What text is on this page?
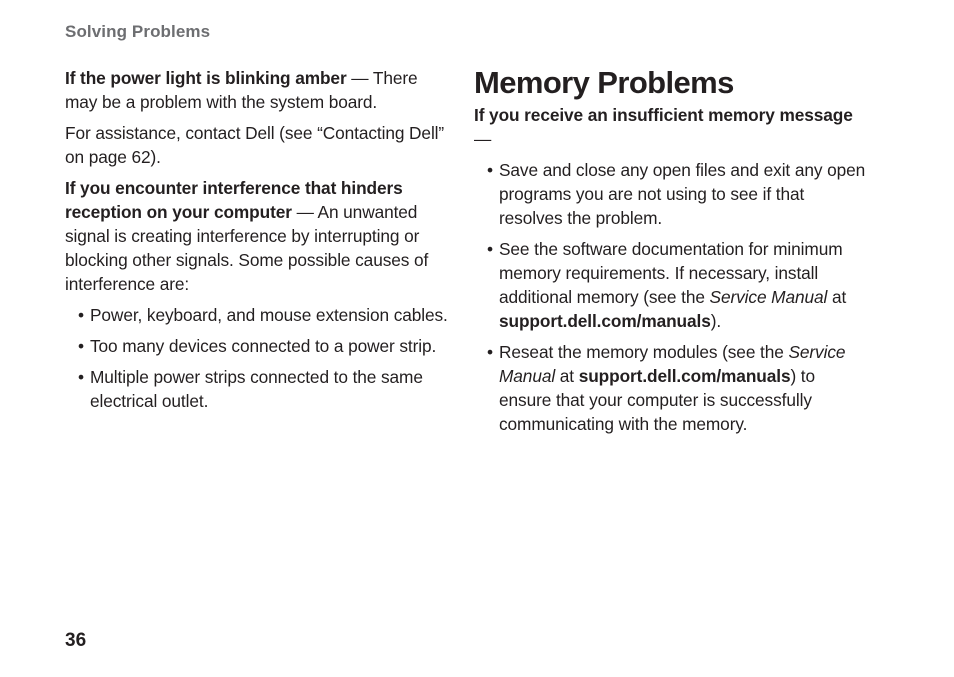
Solving Problems

If the power light is blinking amber — There may be a problem with the system board.

For assistance, contact Dell (see “Contacting Dell” on page 62).

If you encounter interference that hinders reception on your computer — An unwanted signal is creating interference by interrupting or blocking other signals. Some possible causes of interference are:

• Power, keyboard, and mouse extension cables.
• Too many devices connected to a power strip.
• Multiple power strips connected to the same electrical outlet.
Memory Problems

If you receive an insufficient memory message —

• Save and close any open files and exit any open programs you are not using to see if that resolves the problem.
• See the software documentation for minimum memory requirements. If necessary, install additional memory (see the Service Manual at support.dell.com/manuals).
• Reseat the memory modules (see the Service Manual at support.dell.com/manuals) to ensure that your computer is successfully communicating with the memory.
36
